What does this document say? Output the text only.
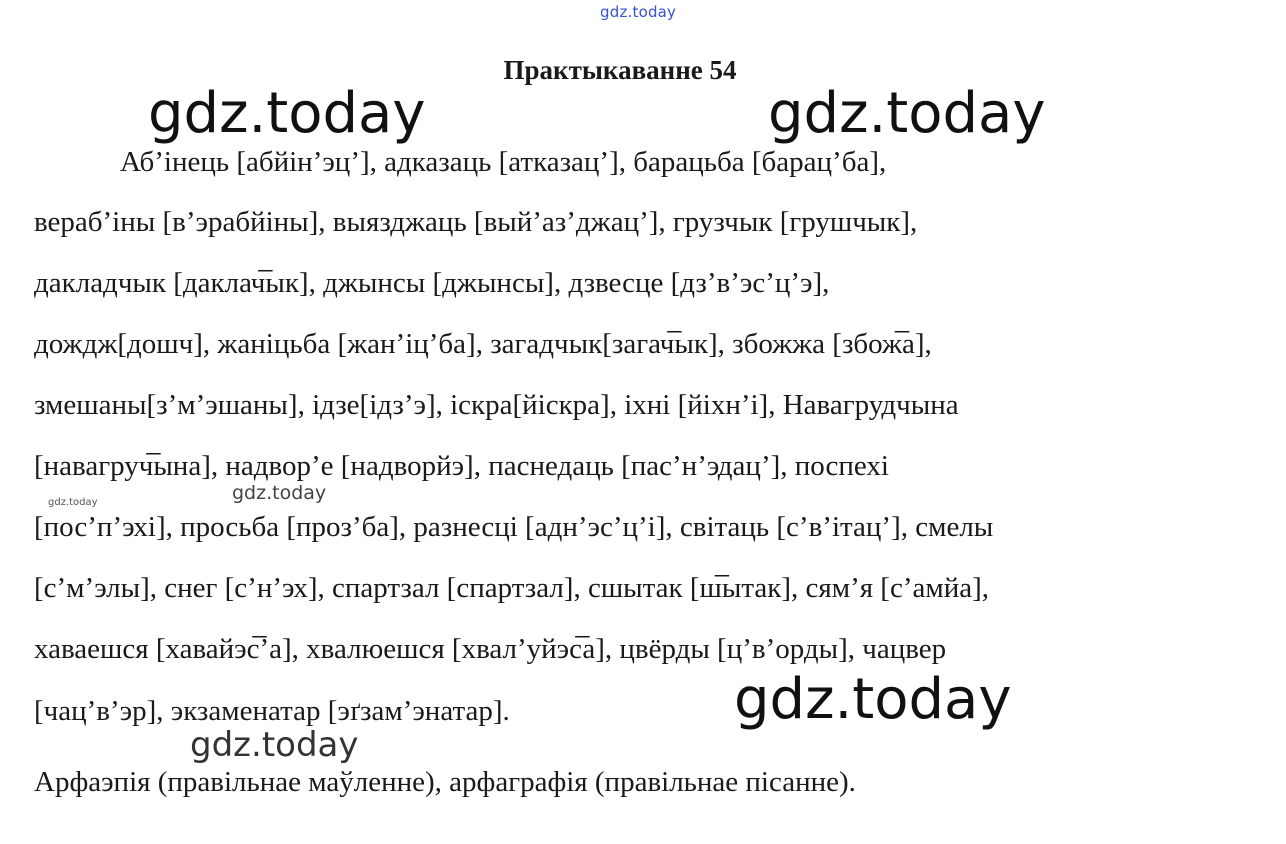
gdz.today
Практыкаванне 54
Аб’інець [абйін’эц’], адказаць [атказац’], барацьба [барац’ба],
вераб’іны [в’эрабйіны], выязджаць [вый’аз’джац’], грузчык [грушчык],
дакладчык [даклач̅ык], джынсы [джынсы], дзвесце [дз’в’эс’ц’э],
дождж[дошч], жаніцьба [жан’іц’ба], загадчык[загач̅ык], збожжа [збож̅а],
змешаны[з’м’эшаны], ідзе[ідз’э], іскра[йіскра], іхні [йіхн’і], Навагрудчына
[навагруч̅ына], надвор’е [надворйэ], паснедаць [пас’н’эдац’], поспехі
[пос’п’эхі], просьба [проз’ба], разнесці [адн’эс’ц’і], світаць [с’в’ітац’], смелы
[с’м’элы], снег [с’н’эх], спартзал [спартзал], сшытак [ш̅ытак], сям’я [с’амйа],
хаваешся [хавайэс̅’а], хвалюешся [хвал’уйэс̅а], цвёрды [ц’в’орды], чацвер
[чац’в’эр], экзаменатар [эґзам’энатар].
Арфаэпія (правільнае маўленне), арфаграфія (правільнае пісанне).
gdz.today	gdz.today
gdz.today
gdz.today
gdz.today
gdz.today
